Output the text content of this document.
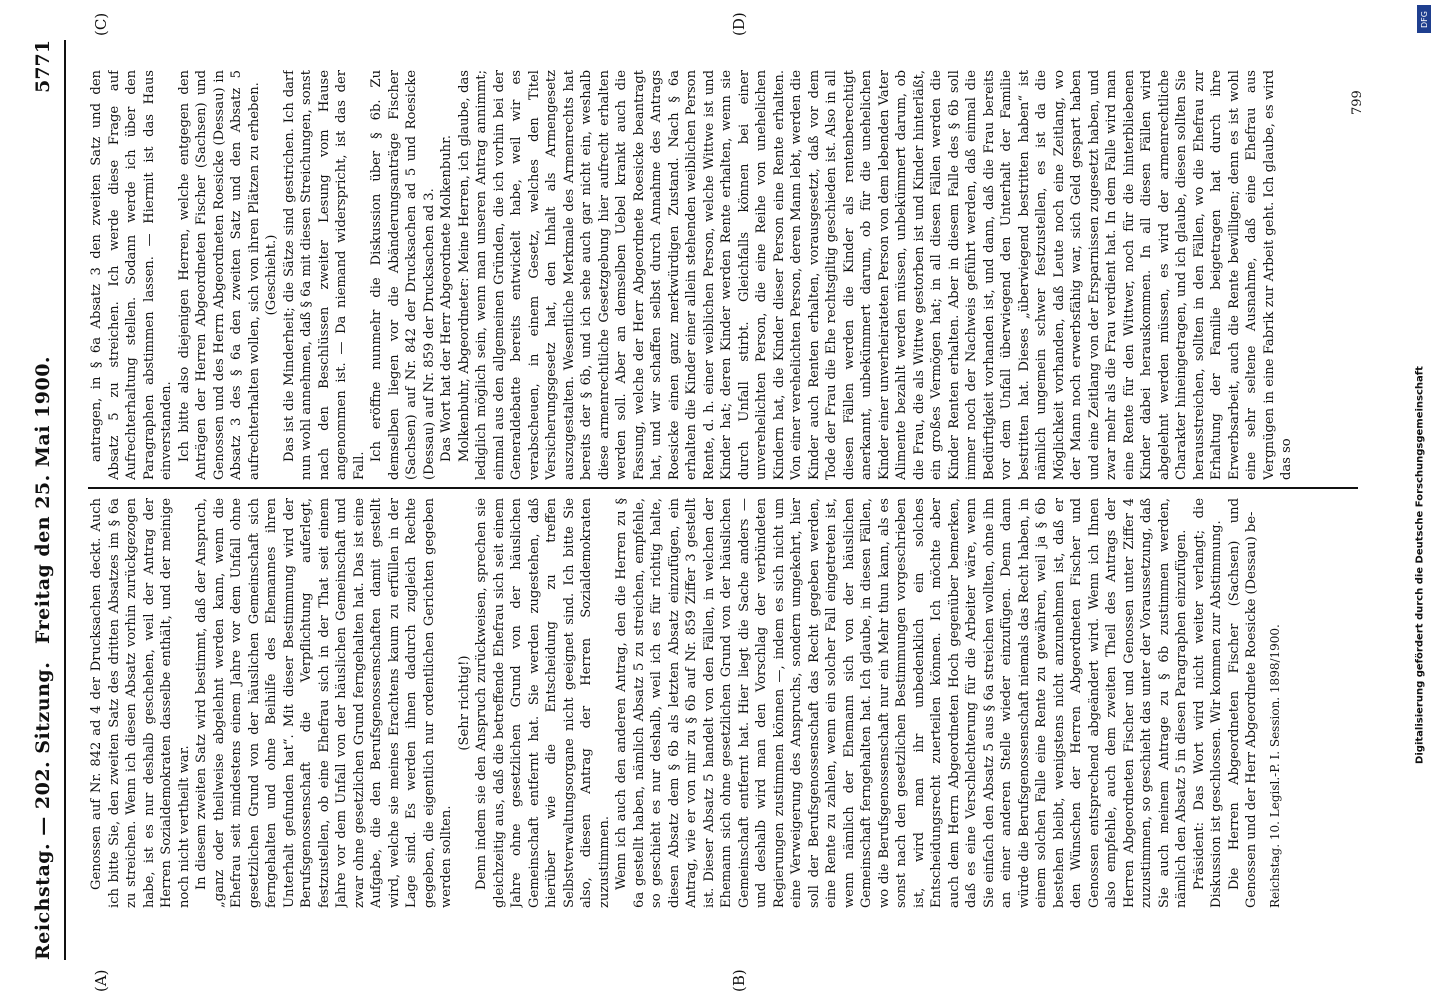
Reichstag. — 202. Sitzung.
Freitag den 25. Mai 1900.
5771
(A)	(B)
(C)	(D)

Genossen auf Nr. 842 ad 4 der Drucksachen deckt. Auch ich bitte Sie, den zweiten Satz des dritten Absatzes im § 6a zu streichen. Wenn ich diesen Absatz vorhin zurückgezogen habe, ist es nur deshalb geschehen, weil der Antrag der Herren Sozialdemokraten dasselbe enthält, und der meinige noch nicht vertheilt war. In diesem zweiten Satz wird bestimmt, daß der Anspruch, „ganz oder theilweise abgelehnt werden kann, wenn die Ehefrau seit mindestens einem Jahre vor dem Unfall ohne gesetzlichen Grund von der häuslichen Gemeinschaft sich ferngehalten und ohne Beihilfe des Ehemannes ihren Unterhalt gefunden hat“. Mit dieser Bestimmung wird der Berufsgenossenschaft die Verpflichtung auferlegt, festzustellen, ob eine Ehefrau sich in der That seit einem Jahre vor dem Unfall von der häuslichen Gemeinschaft und zwar ohne gesetzlichen Grund ferngehalten hat. Das ist eine Aufgabe, die den Berufsgenossenschaften damit gestellt wird, welche sie meines Erachtens kaum zu erfüllen in der Lage sind. Es werden ihnen dadurch zugleich Rechte gegeben, die eigentlich nur ordentlichen Gerichten gegeben werden sollten.

(Sehr richtig!) Denn indem sie den Anspruch zurückweisen, sprechen sie gleichzeitig aus, daß die betreffende Ehefrau sich seit einem Jahre ohne gesetzlichen Grund von der häuslichen Gemeinschaft entfernt hat. Sie werden zugestehen, daß hierüber wie die Entscheidung zu treffen Selbstverwaltungsorgane nicht geeignet sind. Ich bitte Sie also, diesen Antrag der Herren Sozialdemokraten zuzustimmen. Wenn ich auch den anderen Antrag, den die Herren zu § 6a gestellt haben, nämlich Absatz 5 zu streichen, empfehle, so geschieht es nur deshalb, weil ich es für richtig halte, diesen Absatz dem § 6b als letzten Absatz einzufügen, ein Antrag, wie er von mir zu § 6b auf Nr. 859 Ziffer 3 gestellt ist. Dieser Absatz 5 handelt von den Fällen, in welchen der Ehemann sich ohne gesetzlichen Grund von der häuslichen Gemeinschaft entfernt hat. Hier liegt die Sache anders — und deshalb wird man den Vorschlag der verbündeten Regierungen zustimmen können —, indem es sich nicht um eine Verweigerung des Anspruchs, sondern umgekehrt, hier soll der Berufsgenossenschaft das Recht gegeben werden, eine Rente zu zahlen, wenn ein solcher Fall eingetreten ist, wenn nämlich der Ehemann sich von der häuslichen Gemeinschaft ferngehalten hat. Ich glaube, in diesen Fällen, wo die Berufsgenossenschaft nur ein Mehr thun kann, als es sonst nach den gesetzlichen Bestimmungen vorgeschrieben ist, wird man ihr unbedenklich ein solches Entscheidungsrecht zuerteilen können. Ich möchte aber auch dem Herrn Abgeordneten Hoch gegenüber bemerken, daß es eine Verschlechterung für die Arbeiter wäre, wenn Sie einfach den Absatz 5 aus § 6a streichen wollten, ohne ihn an einer anderen Stelle wieder einzufügen. Denn dann würde die Berufsgenossenschaft niemals das Recht haben, in einem solchen Falle eine Rente zu gewähren, weil ja § 6b bestehen bleibt, wenigstens nicht anzunehmen ist, daß er den Wünschen der Herren Abgeordneten Fischer und Genossen entsprechend abgeändert wird. Wenn ich Ihnen also empfehle, auch dem zweiten Theil des Antrags der Herren Abgeordneten Fischer und Genossen unter Ziffer 4 zuzustimmen, so geschieht das unter der Voraussetzung, daß Sie auch meinem Antrage zu § 6b zustimmen werden, nämlich den Absatz 5 in diesen Paragraphen einzufügen. Präsident: Das Wort wird nicht weiter verlangt; die Diskussion ist geschlossen. Wir kommen zur Abstimmung. Die Herren Abgeordneten Fischer (Sachsen) und Genossen und der Herr Abgeordnete Roesicke (Dessau) be- Reichstag. 10. Legisl.-P. I. Session. 1898/1900.

antragen, in § 6a Absatz 3 den zweiten Satz und den Absatz 5 zu streichen. Ich werde diese Frage auf Aufrechterhaltung stellen. Sodann werde ich über den Paragraphen abstimmen lassen. — Hiermit ist das Haus einverstanden. Ich bitte also diejenigen Herren, welche entgegen den Anträgen der Herren Abgeordneten Fischer (Sachsen) und Genossen und des Herrn Abgeordneten Roesicke (Dessau) in Absatz 3 des § 6a den zweiten Satz und den Absatz 5 aufrechterhalten wollen, sich von ihren Plätzen zu erheben. (Geschieht.) Das ist die Minderheit; die Sätze sind gestrichen. Ich darf nun wohl annehmen, daß § 6a mit diesen Streichungen, sonst nach den Beschlüssen zweiter Lesung vom Hause angenommen ist. — Da niemand widerspricht, ist das der Fall.

Ich eröffne nunmehr die Diskussion über § 6b. Zu demselben liegen vor die Abänderungsanträge Fischer (Sachsen) auf Nr. 842 der Drucksachen ad 5 und Roesicke (Dessau) auf Nr. 859 der Drucksachen ad 3. Das Wort hat der Herr Abgeordnete Molkenbuhr. Molkenbuhr, Abgeordneter: Meine Herren, ich glaube, das lediglich möglich sein, wenn man unseren Antrag annimmt; einmal aus den allgemeinen Gründen, die ich vorhin bei der Generaldebatte bereits entwickelt habe, weil wir es verabscheuen, in einem Gesetz, welches den Titel Versicherungsgesetz hat, den Inhalt als Armengesetz auszugestalten. Wesentliche Merkmale des Armenrechts hat bereits der § 6b, und ich sehe auch gar nicht ein, weshalb diese armenrechtliche Gesetzgebung hier aufrecht erhalten werden soll. Aber an demselben Uebel krankt auch die Fassung, welche der Herr Abgeordnete Roesicke beantragt hat, und wir schaffen selbst durch Annahme des Antrags Roesicke einen ganz merkwürdigen Zustand. Nach § 6a erhalten die Kinder einer allein stehenden weiblichen Person Rente, d. h. einer weiblichen Person, welche Wittwe ist und Kinder hat; deren Kinder werden Rente erhalten, wenn sie durch Unfall stirbt. Gleichfalls können bei einer unverehelichten Person, die eine Reihe von unehelichen Kindern hat, die Kinder dieser Person eine Rente erhalten. Von einer verehelichten Person, deren Mann lebt, werden die Kinder auch Renten erhalten, vorausgesetzt, daß vor dem Tode der Frau die Ehe rechtsgiltig geschieden ist. Also in all diesen Fällen werden die Kinder als rentenberechtigt anerkannt, unbekümmert darum, ob für die unehelichen Kinder einer unverheirateten Person von dem lebenden Vater Alimente bezahlt werden müssen, unbekümmert darum, ob die Frau, die als Wittwe gestorben ist und Kinder hinterläßt, ein großes Vermögen hat; in all diesen Fällen werden die Kinder Renten erhalten. Aber in diesem Falle des § 6b soll immer noch der Nachweis geführt werden, daß einmal die Bedürftigkeit vorhanden ist, und dann, daß die Frau bereits vor dem Unfall überwiegend den Unterhalt der Familie bestritten hat. Dieses „überwiegend bestritten haben“ ist nämlich ungemein schwer festzustellen, es ist da die Möglichkeit vorhanden, daß Leute noch eine Zeitlang, wo der Mann noch erwerbsfähig war, sich Geld gespart haben und eine Zeitlang von der Ersparnissen zugesetzt haben, und zwar mehr als die Frau verdient hat. In dem Falle wird man eine Rente für den Wittwer, noch für die hinterbliebenen Kinder dabei herauskommen. In all diesen Fällen wird abgelehnt werden müssen, es wird der armenrechtliche Charakter hineingetragen, und ich glaube, diesen sollten Sie herausstreichen, sollten in den Fällen, wo die Ehefrau zur Erhaltung der Familie beigetragen hat durch ihre Erwerbsarbeit, auch die Rente bewilligen; denn es ist wohl eine sehr seltene Ausnahme, daß eine Ehefrau aus Vergnügen in eine Fabrik zur Arbeit geht. Ich glaube, es wird das so

799
Digitalisierung gefördert durch die Deutsche Forschungsgemeinschaft
DFG
